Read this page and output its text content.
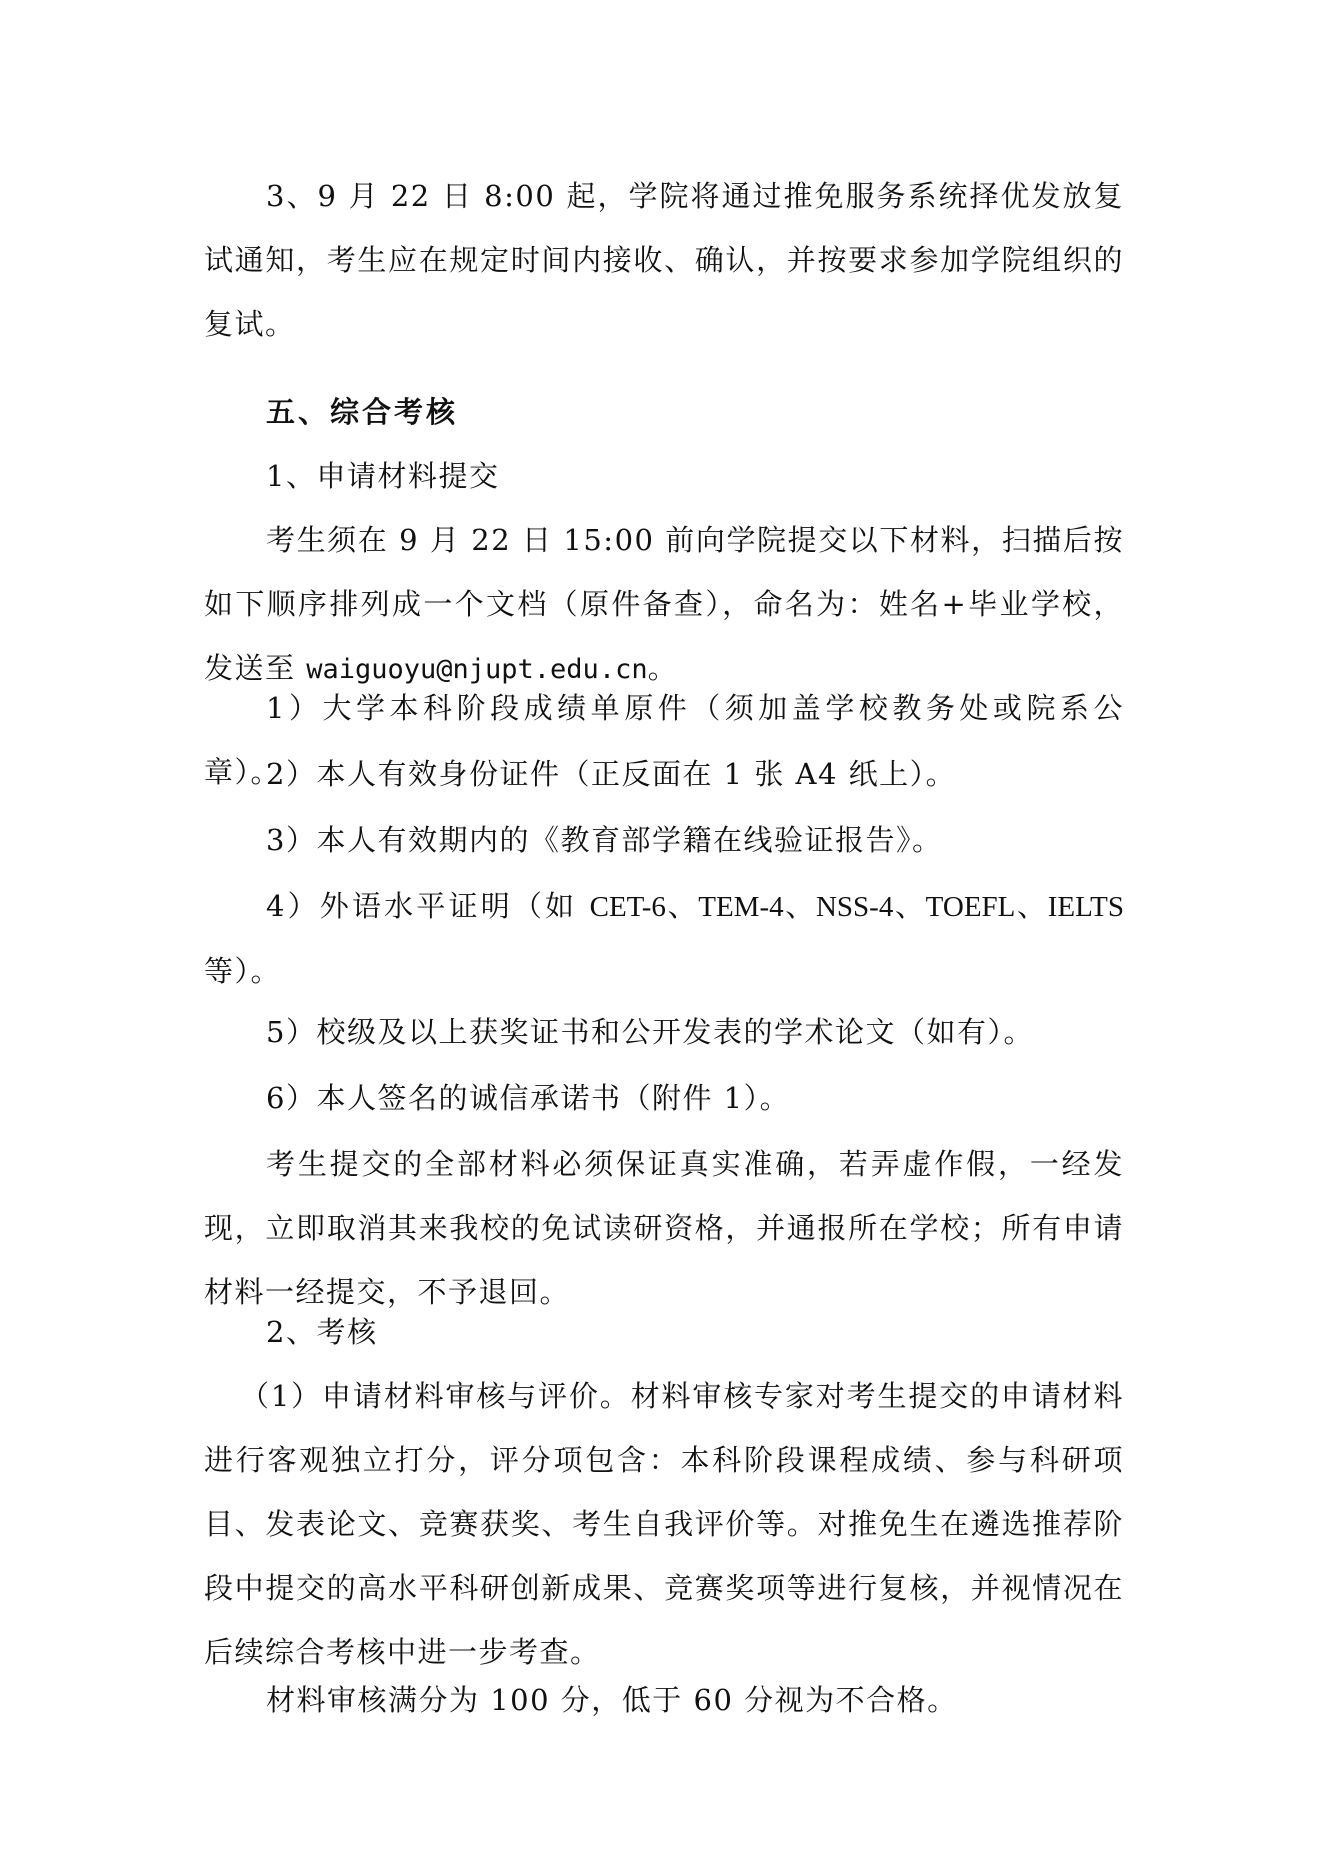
3、9 月 22 日 8:00 起，学院将通过推免服务系统择优发放复试通知，考生应在规定时间内接收、确认，并按要求参加学院组织的复试。

五、综合考核

1、申请材料提交

考生须在 9 月 22 日 15:00 前向学院提交以下材料，扫描后按如下顺序排列成一个文档（原件备查），命名为：姓名+毕业学校，发送至 waiguoyu@njupt.edu.cn。

1）大学本科阶段成绩单原件（须加盖学校教务处或院系公章）。

2）本人有效身份证件（正反面在 1 张 A4 纸上）。

3）本人有效期内的《教育部学籍在线验证报告》。

4）外语水平证明（如 CET-6、TEM-4、NSS-4、TOEFL、IELTS 等）。

5）校级及以上获奖证书和公开发表的学术论文（如有）。

6）本人签名的诚信承诺书（附件 1）。

考生提交的全部材料必须保证真实准确，若弄虚作假，一经发现，立即取消其来我校的免试读研资格，并通报所在学校；所有申请材料一经提交，不予退回。

2、考核

（1）申请材料审核与评价。材料审核专家对考生提交的申请材料进行客观独立打分，评分项包含：本科阶段课程成绩、参与科研项目、发表论文、竞赛获奖、考生自我评价等。对推免生在遴选推荐阶段中提交的高水平科研创新成果、竞赛奖项等进行复核，并视情况在后续综合考核中进一步考查。

材料审核满分为 100 分，低于 60 分视为不合格。
